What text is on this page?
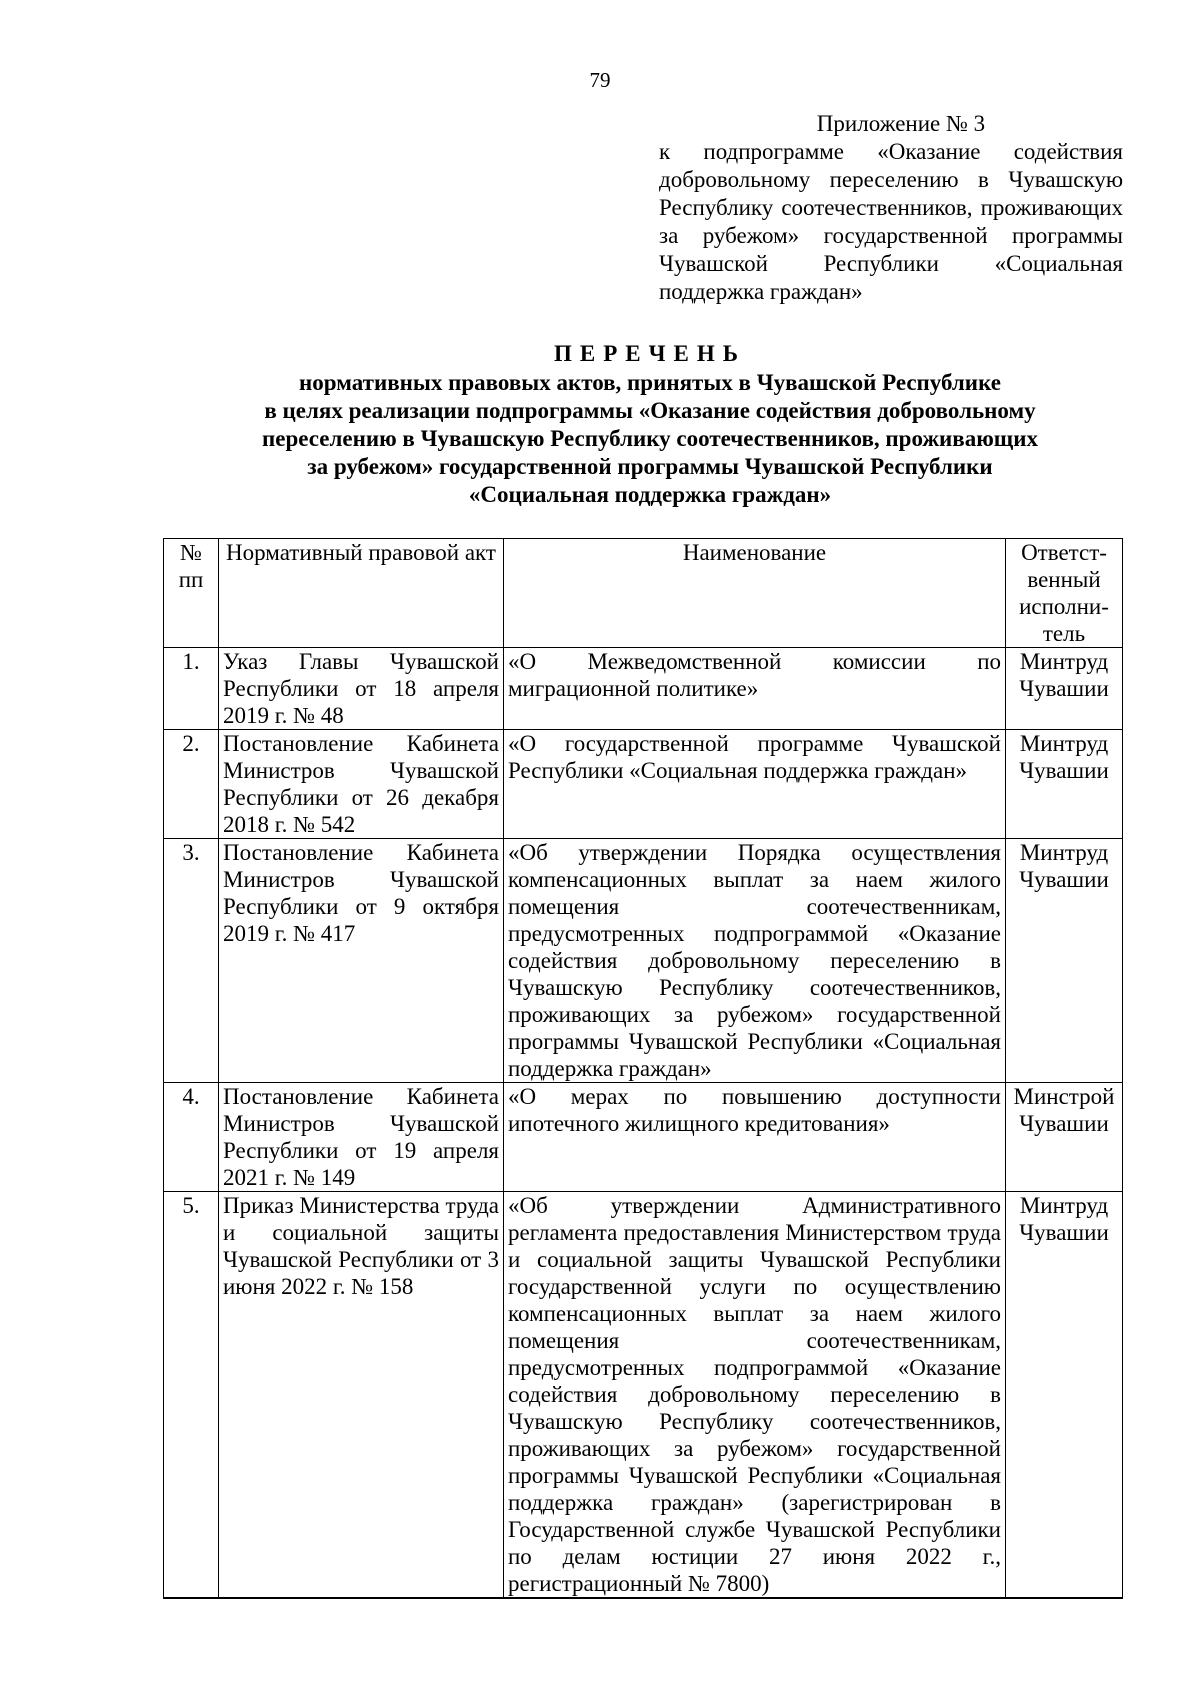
79
Приложение № 3
к подпрограмме «Оказание содействия добровольному переселению в Чувашскую Республику соотечественников, проживающих за рубежом» государственной программы Чувашской Республики «Социальная поддержка граждан»
ПЕРЕЧЕНЬ
нормативных правовых актов, принятых в Чувашской Республике
в целях реализации подпрограммы «Оказание содействия добровольному
переселению в Чувашскую Республику соотечественников, проживающих
за рубежом» государственной программы Чувашской Республики
«Социальная поддержка граждан»
№ пп	Нормативный правовой акт	Наименование	Ответст-венный исполни-тель
1.	Указ Главы Чувашской Республики от 18 апреля 2019 г. № 48	«О Межведомственной комиссии по миграционной политике»	Минтруд Чувашии
2.	Постановление Кабинета Министров Чувашской Республики от 26 декабря 2018 г. № 542	«О государственной программе Чувашской Республики «Социальная поддержка граждан»	Минтруд Чувашии
3.	Постановление Кабинета Министров Чувашской Республики от 9 октября 2019 г. № 417	«Об утверждении Порядка осуществления компенсационных выплат за наем жилого помещения соотечественникам, предусмотренных подпрограммой «Оказание содействия добровольному переселению в Чувашскую Республику соотечественников, проживающих за рубежом» государственной программы Чувашской Республики «Социальная поддержка граждан»	Минтруд Чувашии
4.	Постановление Кабинета Министров Чувашской Республики от 19 апреля 2021 г. № 149	«О мерах по повышению доступности ипотечного жилищного кредитования»	Минстрой Чувашии
5.	Приказ Министерства труда и социальной защиты Чувашской Республики от 3 июня 2022 г. № 158	«Об утверждении Административного регламента предоставления Министерством труда и социальной защиты Чувашской Республики государственной услуги по осуществлению компенсационных выплат за наем жилого помещения соотечественникам, предусмотренных подпрограммой «Оказание содействия добровольному переселению в Чувашскую Республику соотечественников, проживающих за рубежом» государственной программы Чувашской Республики «Социальная поддержка граждан» (зарегистрирован в Государственной службе Чувашской Республики по делам юстиции 27 июня 2022 г., регистрационный № 7800)	Минтруд Чувашии
